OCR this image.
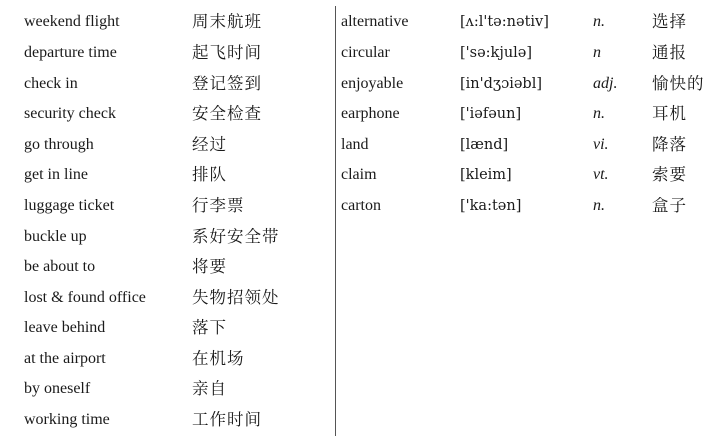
weekend flight	周末航班
departure time	起飞时间
check in	登记签到
security check	安全检查
go through	经过
get in line	排队
luggage ticket	行李票
buckle up	系好安全带
be about to	将要
lost & found office	失物招领处
leave behind	落下
at the airport	在机场
by oneself	亲自
working time	工作时间
alternative	[ʌ:l'tə:nətiv]	n.	选择
circular	['sə:kjulə]	n	通报
enjoyable	[in'dʒɔiəbl]	adj. 愉快的
earphone	['iəfəun]	n.	耳机
land	[lænd]	vi.	降落
claim	[kleim]	vt.	索要
carton	['ka:tən]	n.	盒子
